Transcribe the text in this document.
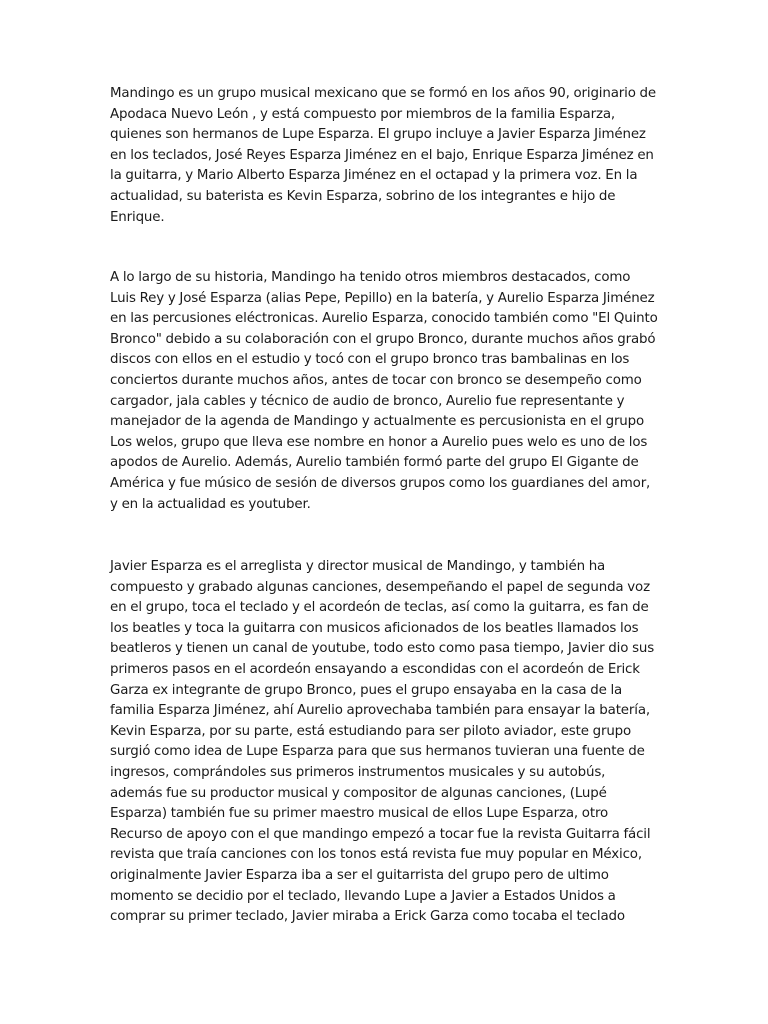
Mandingo es un grupo musical mexicano que se formó en los años 90, originario de Apodaca Nuevo León , y está compuesto por miembros de la familia Esparza, quienes son hermanos de Lupe Esparza. El grupo incluye a Javier Esparza Jiménez en los teclados, José Reyes Esparza Jiménez en el bajo, Enrique Esparza Jiménez en la guitarra, y Mario Alberto Esparza Jiménez en el octapad y la primera voz. En la actualidad, su baterista es Kevin Esparza, sobrino de los integrantes e hijo de Enrique.

A lo largo de su historia, Mandingo ha tenido otros miembros destacados, como Luis Rey y José Esparza (alias Pepe, Pepillo) en la batería, y Aurelio Esparza Jiménez en las percusiones eléctronicas. Aurelio Esparza, conocido también como "El Quinto Bronco" debido a su colaboración con el grupo Bronco, durante muchos años grabó discos con ellos en el estudio y tocó con el grupo bronco tras bambalinas en los conciertos durante muchos años, antes de tocar con bronco se desempeño como cargador, jala cables y técnico de audio de bronco, Aurelio fue representante y manejador de la agenda de Mandingo y actualmente es percusionista en el grupo Los welos, grupo que lleva ese nombre en honor a Aurelio pues welo es uno de los apodos de Aurelio. Además, Aurelio también formó parte del grupo El Gigante de América y fue músico de sesión de diversos grupos como los guardianes del amor, y en la actualidad es youtuber.

Javier Esparza es el arreglista y director musical de Mandingo, y también ha compuesto y grabado algunas canciones, desempeñando el papel de segunda voz en el grupo, toca el teclado y el acordeón de teclas, así como la guitarra, es fan de los beatles y toca la guitarra con musicos aficionados de los beatles llamados los beatleros y tienen un canal de youtube, todo esto como pasa tiempo, Javier dio sus primeros pasos en el acordeón ensayando a escondidas con el acordeón de Erick Garza ex integrante de grupo Bronco, pues el grupo ensayaba en la casa de la familia Esparza Jiménez, ahí Aurelio aprovechaba también para ensayar la batería, Kevin Esparza, por su parte, está estudiando para ser piloto aviador, este grupo surgió como idea de Lupe Esparza para que sus hermanos tuvieran una fuente de ingresos, comprándoles sus primeros instrumentos musicales y su autobús, además fue su productor musical y compositor de algunas canciones, (Lupé Esparza) también fue su primer maestro musical de ellos Lupe Esparza, otro Recurso de apoyo con el que mandingo empezó a tocar fue la revista Guitarra fácil revista que traía canciones con los tonos está revista fue muy popular en México, originalmente Javier Esparza iba a ser el guitarrista del grupo pero de ultimo momento se decidio por el teclado, llevando Lupe a Javier a Estados Unidos a comprar su primer teclado, Javier miraba a Erick Garza como tocaba el teclado
